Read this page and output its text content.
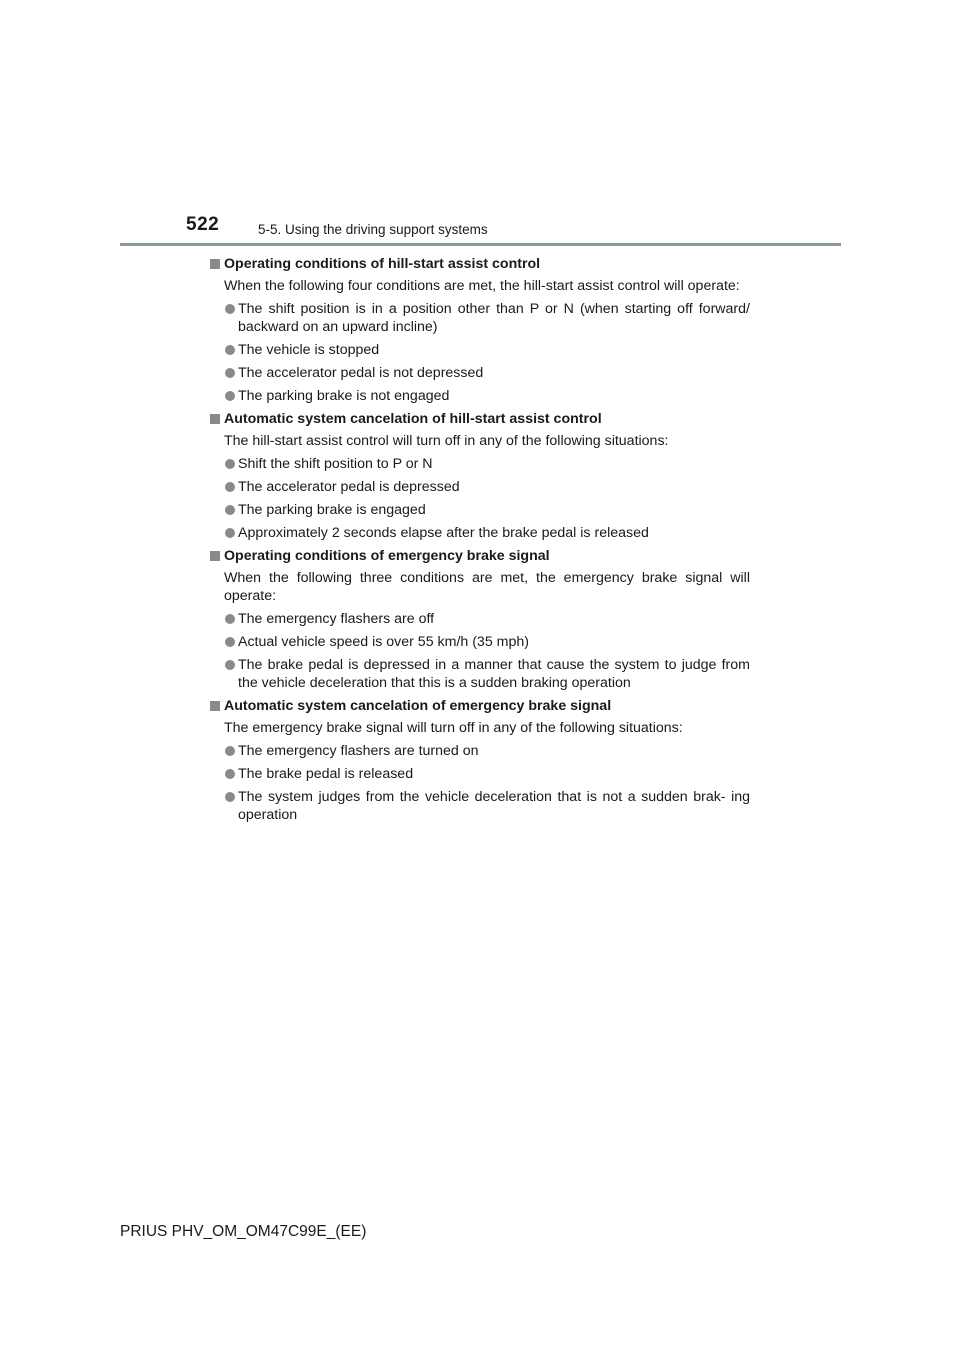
522	5-5. Using the driving support systems
Operating conditions of hill-start assist control
When the following four conditions are met, the hill-start assist control will operate:
The shift position is in a position other than P or N (when starting off forward/ backward on an upward incline)
The vehicle is stopped
The accelerator pedal is not depressed
The parking brake is not engaged
Automatic system cancelation of hill-start assist control
The hill-start assist control will turn off in any of the following situations:
Shift the shift position to P or N
The accelerator pedal is depressed
The parking brake is engaged
Approximately 2 seconds elapse after the brake pedal is released
Operating conditions of emergency brake signal
When the following three conditions are met, the emergency brake signal will operate:
The emergency flashers are off
Actual vehicle speed is over 55 km/h (35 mph)
The brake pedal is depressed in a manner that cause the system to judge from the vehicle deceleration that this is a sudden braking operation
Automatic system cancelation of emergency brake signal
The emergency brake signal will turn off in any of the following situations:
The emergency flashers are turned on
The brake pedal is released
The system judges from the vehicle deceleration that is not a sudden brak- ing operation
PRIUS PHV_OM_OM47C99E_(EE)
